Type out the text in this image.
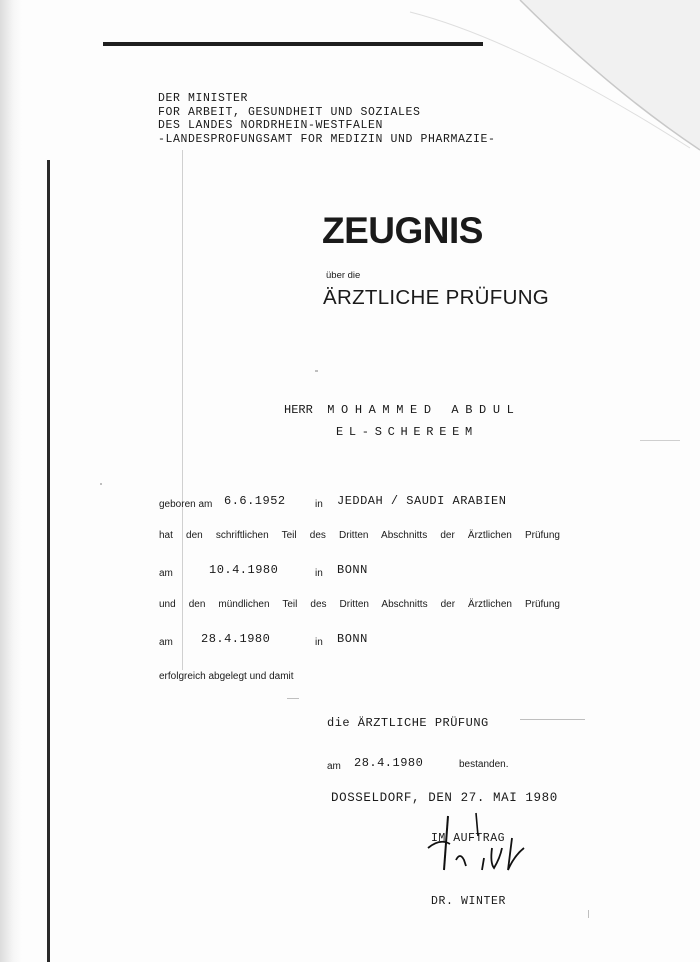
DER MINISTER
FOR ARBEIT, GESUNDHEIT UND SOZIALES
DES LANDES NORDRHEIN-WESTFALEN
-LANDESPROFUNGSAMT FOR MEDIZIN UND PHARMAZIE-
ZEUGNIS
über die
ÄRZTLICHE PRÜFUNG
HERR MOHAMMED ABDUL
EL-SCHEREEM
geboren am 6.6.1952	in JEDDAH / SAUDI ARABIEN
hat den schriftlichen Teil des Dritten Abschnitts der Ärztlichen Prüfung
am	10.4.1980	in BONN
und den mündlichen Teil des Dritten Abschnitts der Ärztlichen Prüfung
am 28.4.1980	in BONN
erfolgreich abgelegt und damit
die ÄRZTLICHE PRÜFUNG
am 28.4.1980	bestanden.
DOSSELDORF, DEN 27. MAI 1980
IM AUFTRAG
DR. WINTER
